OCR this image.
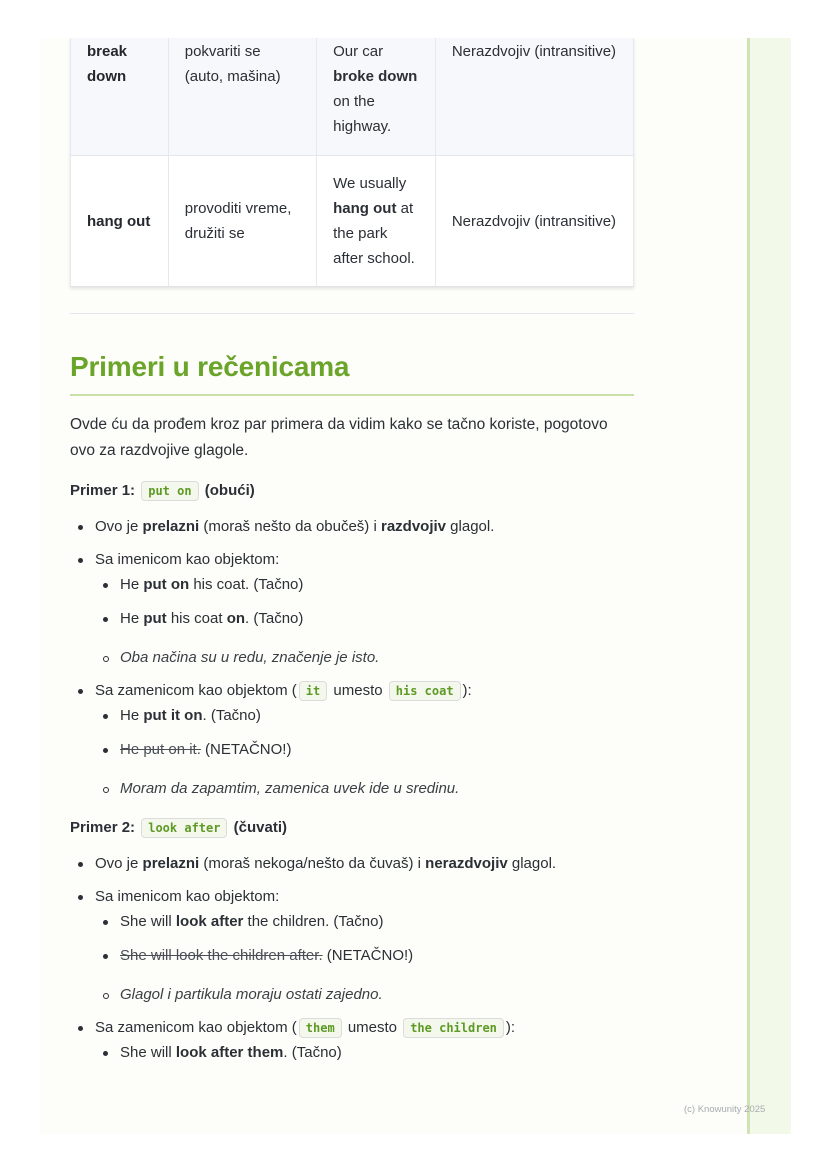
break down	pokvariti se (auto, mašina)	Our car broke down on the highway.	Nerazdvojiv (intransitive)
hang out	provoditi vreme, družiti se	We usually hang out at the park after school.	Nerazdvojiv (intransitive)
Primeri u rečenicama

Ovde ću da prođem kroz par primera da vidim kako se tačno koriste, pogotovo ovo za razdvojive glagole.

Primer 1: put on (obući)
Ovo je prelazni (moraš nešto da obučeš) i razdvojiv glagol.
Sa imenicom kao objektom:
He put on his coat. (Tačno)
He put his coat on. (Tačno)
Oba načina su u redu, značenje je isto.
Sa zamenicom kao objektom ( it umesto his coat ):
He put it on. (Tačno)
He put on it. (NETAČNO!)
Moram da zapamtim, zamenica uvek ide u sredinu.
Primer 2: look after (čuvati)
Ovo je prelazni (moraš nekoga/nešto da čuvaš) i nerazdvojiv glagol.
Sa imenicom kao objektom:
She will look after the children. (Tačno)
She will look the children after. (NETAČNO!)
Glagol i partikula moraju ostati zajedno.
Sa zamenicom kao objektom ( them umesto the children ):
She will look after them. (Tačno)
(c) Knowunity 2025
